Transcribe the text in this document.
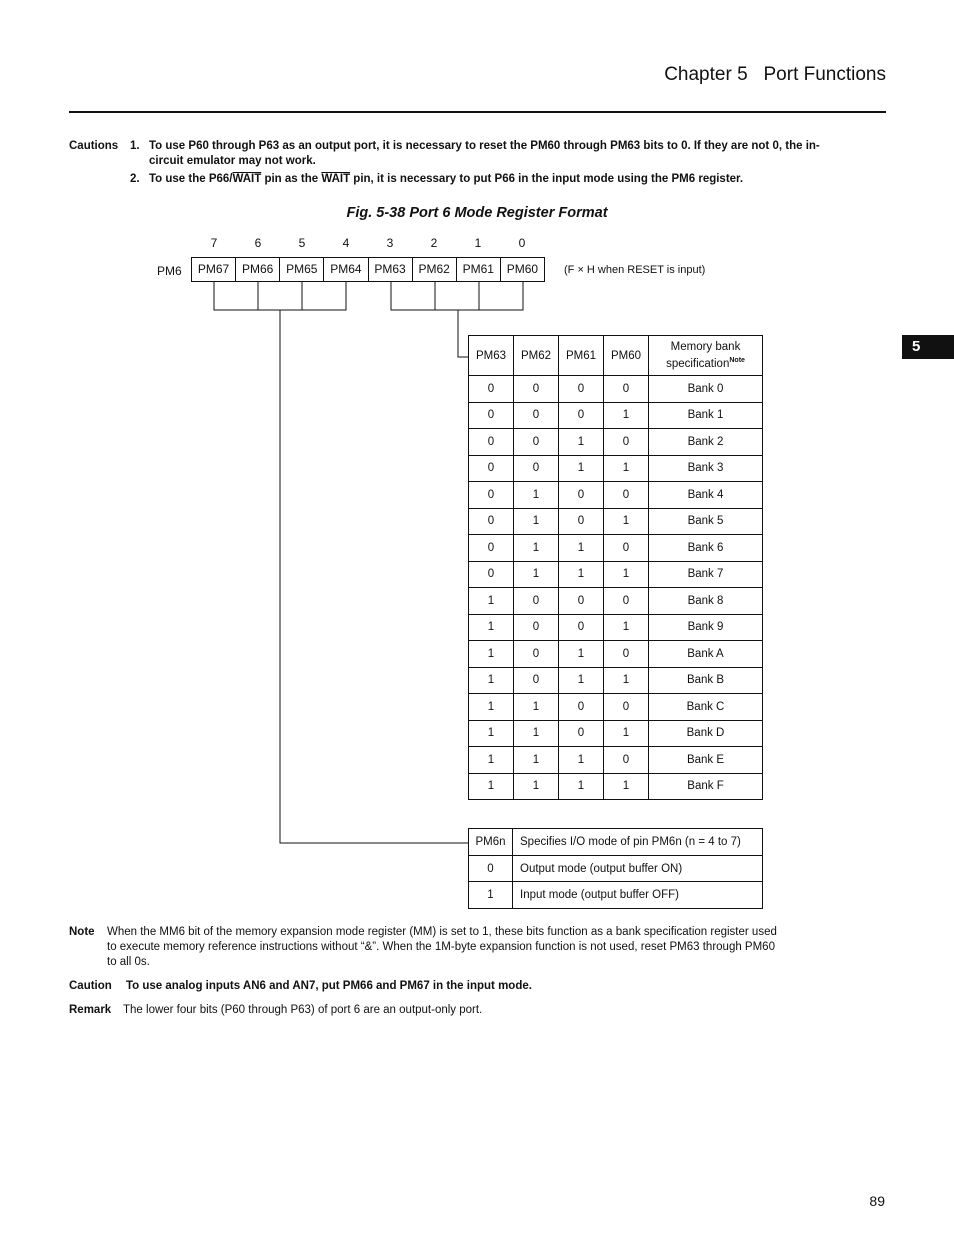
Chapter 5 Port Functions
5
Cautions 1. To use P60 through P63 as an output port, it is necessary to reset the PM60 through PM63 bits to 0. If they are not 0, the in-
circuit emulator may not work.
2. To use the P66/WAIT pin as the WAIT pin, it is necessary to put P66 in the input mode using the PM6 register.
Fig. 5-38 Port 6 Mode Register Format
7	6	5	4	3	2	1	0
PM6	PM67	PM66	PM65	PM64	PM63	PM62	PM61	PM60	(F × H when RESET is input)
PM63	PM62	PM61	PM60	Memory bank specification$^{Note}$
0	0	0	0	Bank 0
0	0	0	1	Bank 1
0	0	1	0	Bank 2
0	0	1	1	Bank 3
0	1	0	0	Bank 4
0	1	0	1	Bank 5
0	1	1	0	Bank 6
0	1	1	1	Bank 7
1	0	0	0	Bank 8
1	0	0	1	Bank 9
1	0	1	0	Bank A
1	0	1	1	Bank B
1	1	0	0	Bank C
1	1	0	1	Bank D
1	1	1	0	Bank E
1	1	1	1	Bank F
PM6n	Specifies I/O mode of pin PM6n (n = 4 to 7)
0	Output mode (output buffer ON)
1	Input mode (output buffer OFF)
Note When the MM6 bit of the memory expansion mode register (MM) is set to 1, these bits function as a bank specification register used
to execute memory reference instructions without “&”. When the 1M-byte expansion function is not used, reset PM63 through PM60
to all 0s.
Caution To use analog inputs AN6 and AN7, put PM66 and PM67 in the input mode.
Remark The lower four bits (P60 through P63) of port 6 are an output-only port.
89
